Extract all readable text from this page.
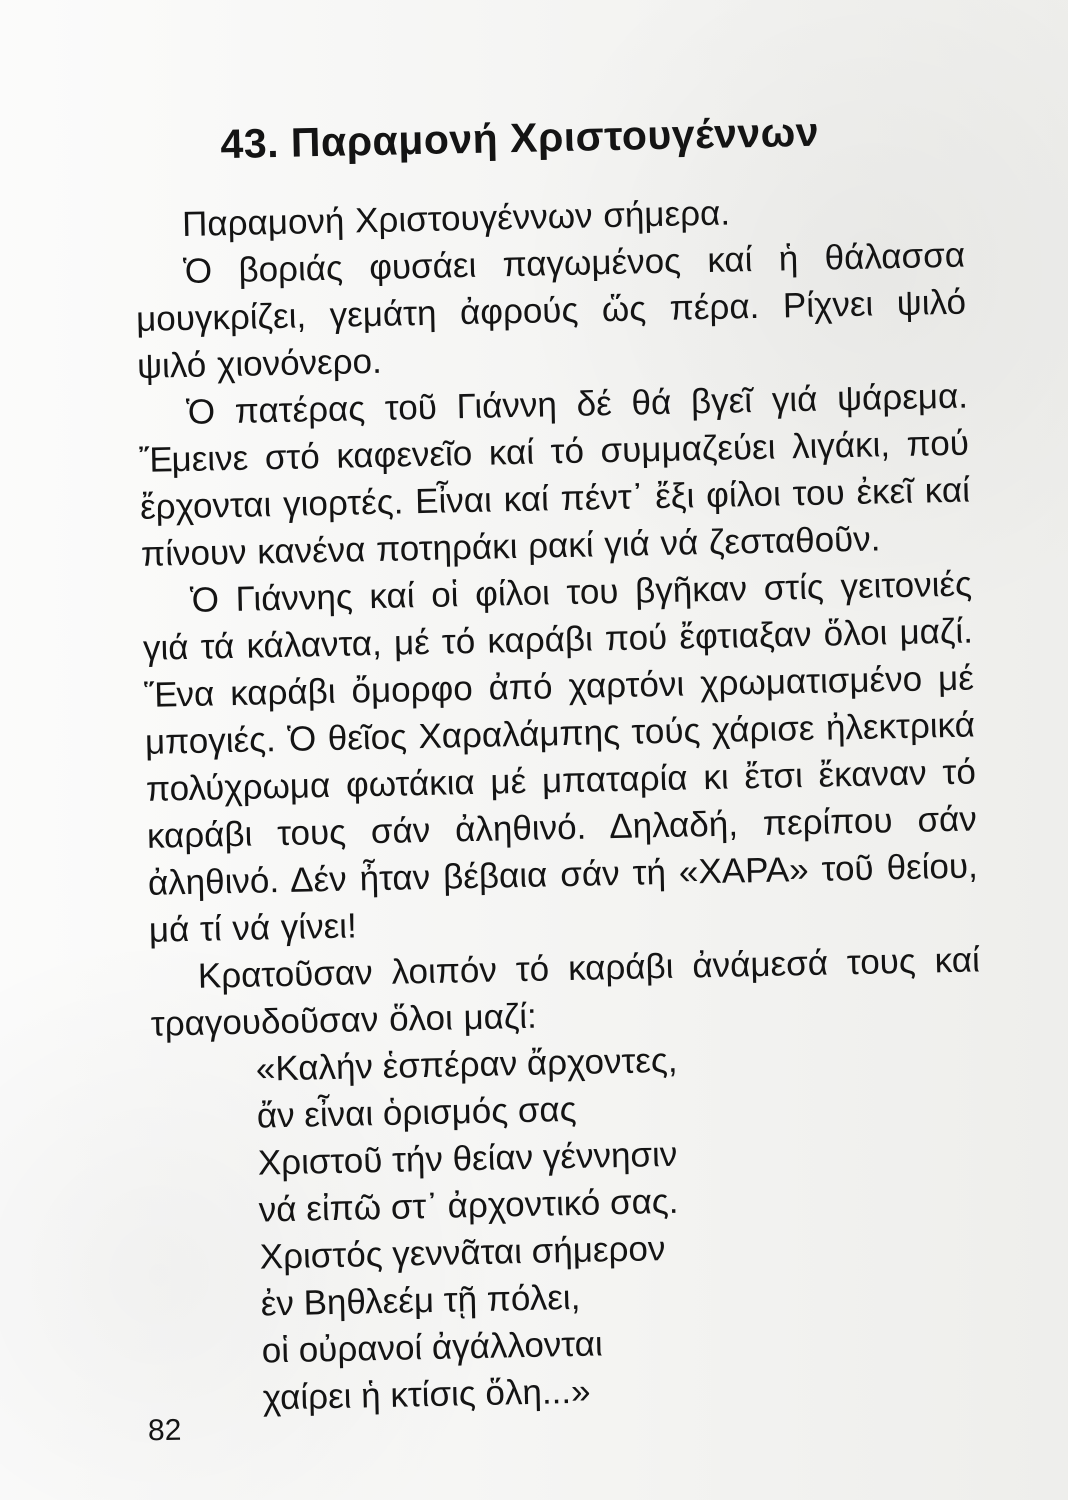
43. Παραμονή Χριστουγέννων

Παραμονή Χριστουγέννων σήμερα.

Ὁ βοριάς φυσάει παγωμένος καί ἡ θάλασσα μουγκρίζει, γεμάτη ἀφρούς ὥς πέρα. Ρίχνει ψιλό ψιλό χιονόνερο.

Ὁ πατέρας τοῦ Γιάννη δέ θά βγεῖ γιά ψάρεμα. Ἔμεινε στό καφενεῖο καί τό συμμαζεύει λιγάκι, πού ἔρχονται γιορτές. Εἶναι καί πέντ᾽ ἔξι φίλοι του ἐκεῖ καί πίνουν κανένα ποτηράκι ρακί γιά νά ζεσταθοῦν.

Ὁ Γιάννης καί οἱ φίλοι του βγῆκαν στίς γειτονιές γιά τά κάλαντα, μέ τό καράβι πού ἔφτιαξαν ὅλοι μαζί. Ἕνα καράβι ὄμορφο ἀπό χαρτόνι χρωματισμένο μέ μπογιές. Ὁ θεῖος Χαραλάμπης τούς χάρισε ἠλεκτρικά πολύχρωμα φωτάκια μέ μπαταρία κι ἔτσι ἔκαναν τό καράβι τους σάν ἀληθινό. Δηλαδή, περίπου σάν ἀληθινό. Δέν ἦταν βέβαια σάν τή «ΧΑΡΑ» τοῦ θείου, μά τί νά γίνει!

Κρατοῦσαν λοιπόν τό καράβι ἀνάμεσά τους καί τραγουδοῦσαν ὅλοι μαζί:

«Καλήν ἑσπέραν ἄρχοντες,
ἄν εἶναι ὁρισμός σας
Χριστοῦ τήν θείαν γέννησιν
νά εἰπῶ στ᾽ ἀρχοντικό σας.
Χριστός γεννᾶται σήμερον
ἐν Βηθλεέμ τῇ πόλει,
οἱ οὐρανοί ἀγάλλονται
χαίρει ἡ κτίσις ὅλη...»
82
